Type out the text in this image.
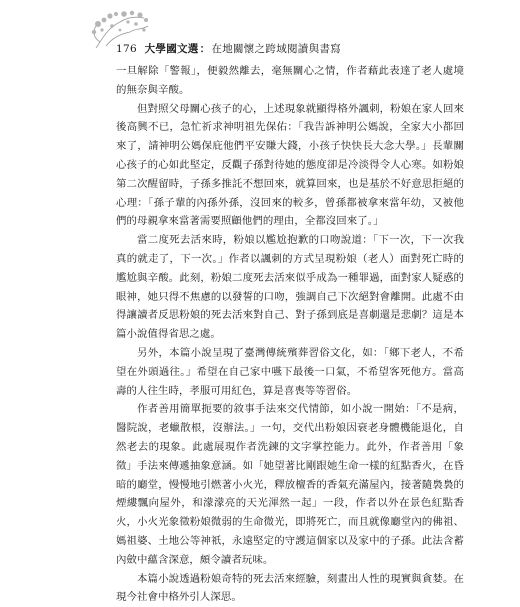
176 大學國文選：在地關懷之跨域閱讀與書寫

一旦解除「警報」，便毅然離去，毫無關心之情，作者藉此表達了老人處境的無奈與辛酸。

但對照父母關心孩子的心，上述現象就顯得格外諷刺，粉娘在家人回來後高興不已，急忙祈求神明祖先保佑：「我告訴神明公媽說，全家大小都回來了，請神明公媽保庇他們平安賺大錢，小孩子快快長大念大學。」長輩關心孩子的心如此堅定，反觀子孫對待她的態度卻是冷淡得令人心寒。如粉娘第二次醒留時，子孫多推託不想回來，就算回來，也是基於不好意思拒絕的心理：「孫子輩的內孫外孫，沒回來的較多，曾孫都被拿來當年幼，又被他們的母親拿來當著需要照顧他們的理由，全都沒回來了。」

當二度死去活來時，粉娘以尷尬抱歉的口吻說道：「下一次，下一次我真的就走了，下一次。」作者以諷刺的方式呈現粉娘（老人）面對死亡時的尷尬與辛酸。此刻，粉娘二度死去活來似乎成為一種罪過，面對家人疑惑的眼神，她只得不焦慮的以發誓的口吻，強調自己下次絕對會離開。此處不由得讓讀者反思粉娘的死去活來對自己、對子孫到底是喜劇還是悲劇？這是本篇小說值得省思之處。

另外，本篇小說呈現了臺灣傳統殯葬習俗文化，如：「鄉下老人，不希望在外頭過往。」希望在自己家中嚥下最後一口氣，不希望客死他方。當高壽的人往生時，孝服可用紅色，算是喜喪等等習俗。

作者善用簡單扼要的敘事手法來交代情節，如小說一開始：「不是病，醫院說，老蠟散根，沒辦法。」一句，交代出粉娘因衰老身體機能退化，自然老去的現象。此處展現作者洗鍊的文字掌控能力。此外，作者善用「象徵」手法來傳遞抽象意涵。如「她望著比剛跟她生命一樣的紅點香火，在昏暗的廳堂，慢慢地引燃著小火光，釋放檀香的香氣充滿屋內，接著隨裊裊的煙縷飄向屋外，和濛濛亮的天光渾然一起」一段，作者以外在景色紅點香火，小火光象徵粉娘微弱的生命微光，即將死亡，而且就像廳堂內的佛祖、媽祖婆、土地公等神祇，永遠堅定的守護這個家以及家中的子孫。此法含蓄內斂中蘊含深意，頗令讀者玩味。

本篇小說透過粉娘奇特的死去活來經驗，刻畫出人性的現實與貪婪。在現今社會中格外引人深思。
